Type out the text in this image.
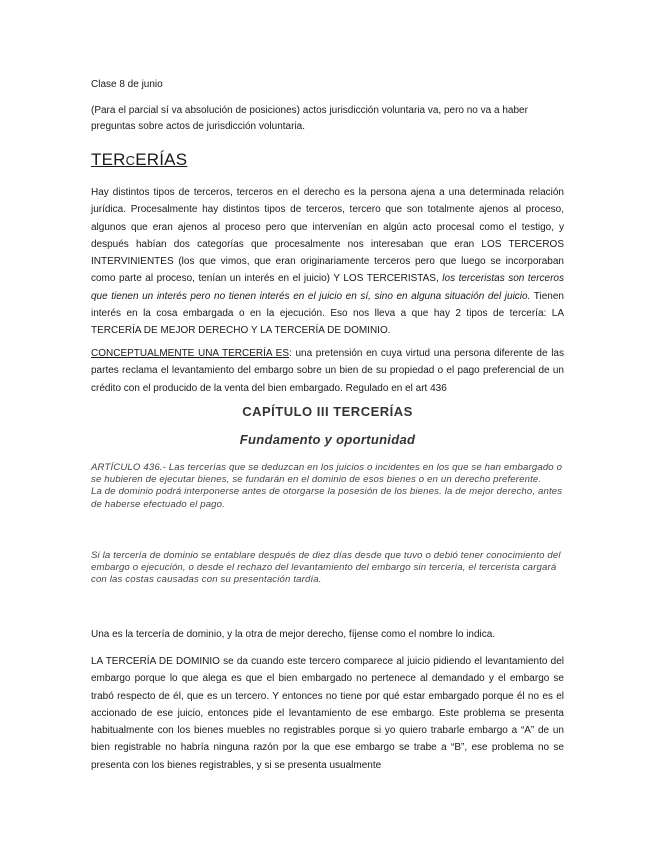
Clase 8 de junio

(Para el parcial sí va absolución de posiciones) actos jurisdicción voluntaria va, pero no va a haber
preguntas sobre actos de jurisdicción voluntaria.

TERCERÍAS

Hay distintos tipos de terceros, terceros en el derecho es la persona ajena a una determinada relación jurídica. Procesalmente hay distintos tipos de terceros, tercero que son totalmente ajenos al proceso, algunos que eran ajenos al proceso pero que intervenían en algún acto procesal como el testigo, y después habían dos categorías que procesalmente nos interesaban que eran LOS TERCEROS INTERVINIENTES (los que vimos, que eran originariamente terceros pero que luego se incorporaban como parte al proceso, tenían un interés en el juicio) Y LOS TERCERISTAS, los terceristas son terceros que tienen un interés pero no tienen interés en el juicio en sí, sino en alguna situación del juicio. Tienen interés en la cosa embargada o en la ejecución. Eso nos lleva a que hay 2 tipos de tercería: LA TERCERÍA DE MEJOR DERECHO Y LA TERCERÍA DE DOMINIO.

CONCEPTUALMENTE UNA TERCERÍA ES: una pretensión en cuya virtud una persona diferente de las partes reclama el levantamiento del embargo sobre un bien de su propiedad o el pago preferencial de un crédito con el producido de la venta del bien embargado. Regulado en el art 436

CAPÍTULO III TERCERÍAS

Fundamento y oportunidad

ARTÍCULO 436.- Las tercerías que se deduzcan en los juicios o incidentes en los que se han embargado o se hubieren de ejecutar bienes, se fundarán en el dominio de esos bienes o en un derecho preferente.
La de dominio podrá interponerse antes de otorgarse la posesión de los bienes. la de mejor derecho, antes de haberse efectuado el pago.

Si la tercería de dominio se entablare después de diez días desde que tuvo o debió tener conocimiento del embargo o ejecución, o desde el rechazo del levantamiento del embargo sin tercería, el tercerista cargará con las costas causadas con su presentación tardía.

Una es la tercería de dominio, y la otra de mejor derecho, fíjense como el nombre lo indica.

LA TERCERÍA DE DOMINIO se da cuando este tercero comparece al juicio pidiendo el levantamiento del embargo porque lo que alega es que el bien embargado no pertenece al demandado y el embargo se trabó respecto de él, que es un tercero. Y entonces no tiene por qué estar embargado porque él no es el accionado de ese juicio, entonces pide el levantamiento de ese embargo. Este problema se presenta habitualmente con los bienes muebles no registrables porque si yo quiero trabarle embargo a “A” de un bien registrable no habría ninguna razón por la que ese embargo se trabe a “B”, ese problema no se presenta con los bienes registrables, y si se presenta usualmente
